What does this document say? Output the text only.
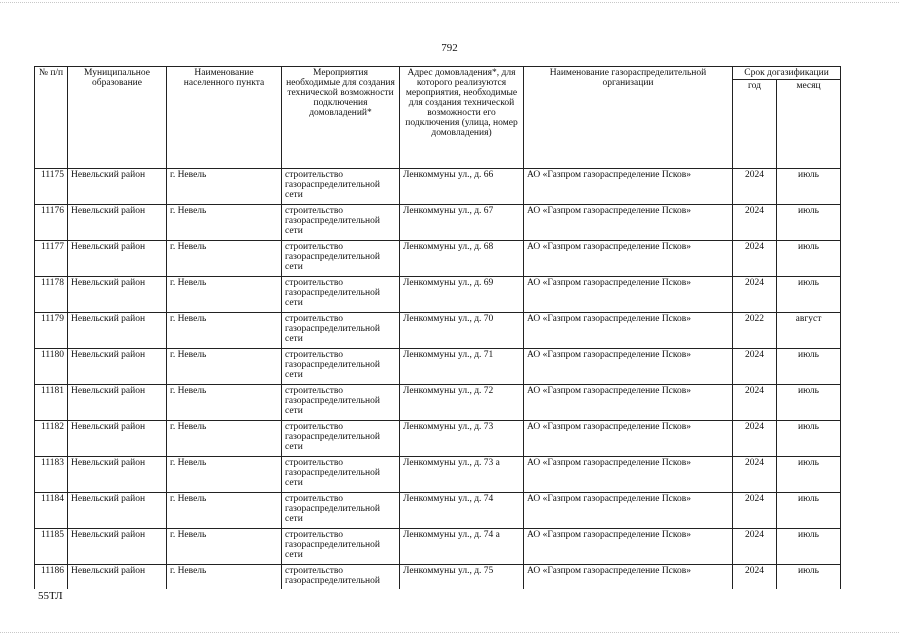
792
№ п/п	Муниципальное образование	Наименование населенного пункта	Мероприятия необходимые для создания технической возможности подключения домовладений*	Адрес домовладения*, для которого реализуются мероприятия, необходимые для создания технической возможности его подключения (улица, номер домовладения)	Наименование газораспределительной организации	Срок догазификации	
						год	месяц
11175	Невельский район	г. Невель	строительство газораспределительной сети	Ленкоммуны ул., д. 66	АО «Газпром газораспределение Псков»	2024	июль
11176	Невельский район	г. Невель	строительство газораспределительной сети	Ленкоммуны ул., д. 67	АО «Газпром газораспределение Псков»	2024	июль
11177	Невельский район	г. Невель	строительство газораспределительной сети	Ленкоммуны ул., д. 68	АО «Газпром газораспределение Псков»	2024	июль
11178	Невельский район	г. Невель	строительство газораспределительной сети	Ленкоммуны ул., д. 69	АО «Газпром газораспределение Псков»	2024	июль
11179	Невельский район	г. Невель	строительство газораспределительной сети	Ленкоммуны ул., д. 70	АО «Газпром газораспределение Псков»	2022	август
11180	Невельский район	г. Невель	строительство газораспределительной сети	Ленкоммуны ул., д. 71	АО «Газпром газораспределение Псков»	2024	июль
11181	Невельский район	г. Невель	строительство газораспределительной сети	Ленкоммуны ул., д. 72	АО «Газпром газораспределение Псков»	2024	июль
11182	Невельский район	г. Невель	строительство газораспределительной сети	Ленкоммуны ул., д. 73	АО «Газпром газораспределение Псков»	2024	июль
11183	Невельский район	г. Невель	строительство газораспределительной сети	Ленкоммуны ул., д. 73 а	АО «Газпром газораспределение Псков»	2024	июль
11184	Невельский район	г. Невель	строительство газораспределительной сети	Ленкоммуны ул., д. 74	АО «Газпром газораспределение Псков»	2024	июль
11185	Невельский район	г. Невель	строительство газораспределительной сети	Ленкоммуны ул., д. 74 а	АО «Газпром газораспределение Псков»	2024	июль
11186	Невельский район	г. Невель	строительство газораспределительной	Ленкоммуны ул., д. 75	АО «Газпром газораспределение Псков»	2024	июль
55ТЛ
